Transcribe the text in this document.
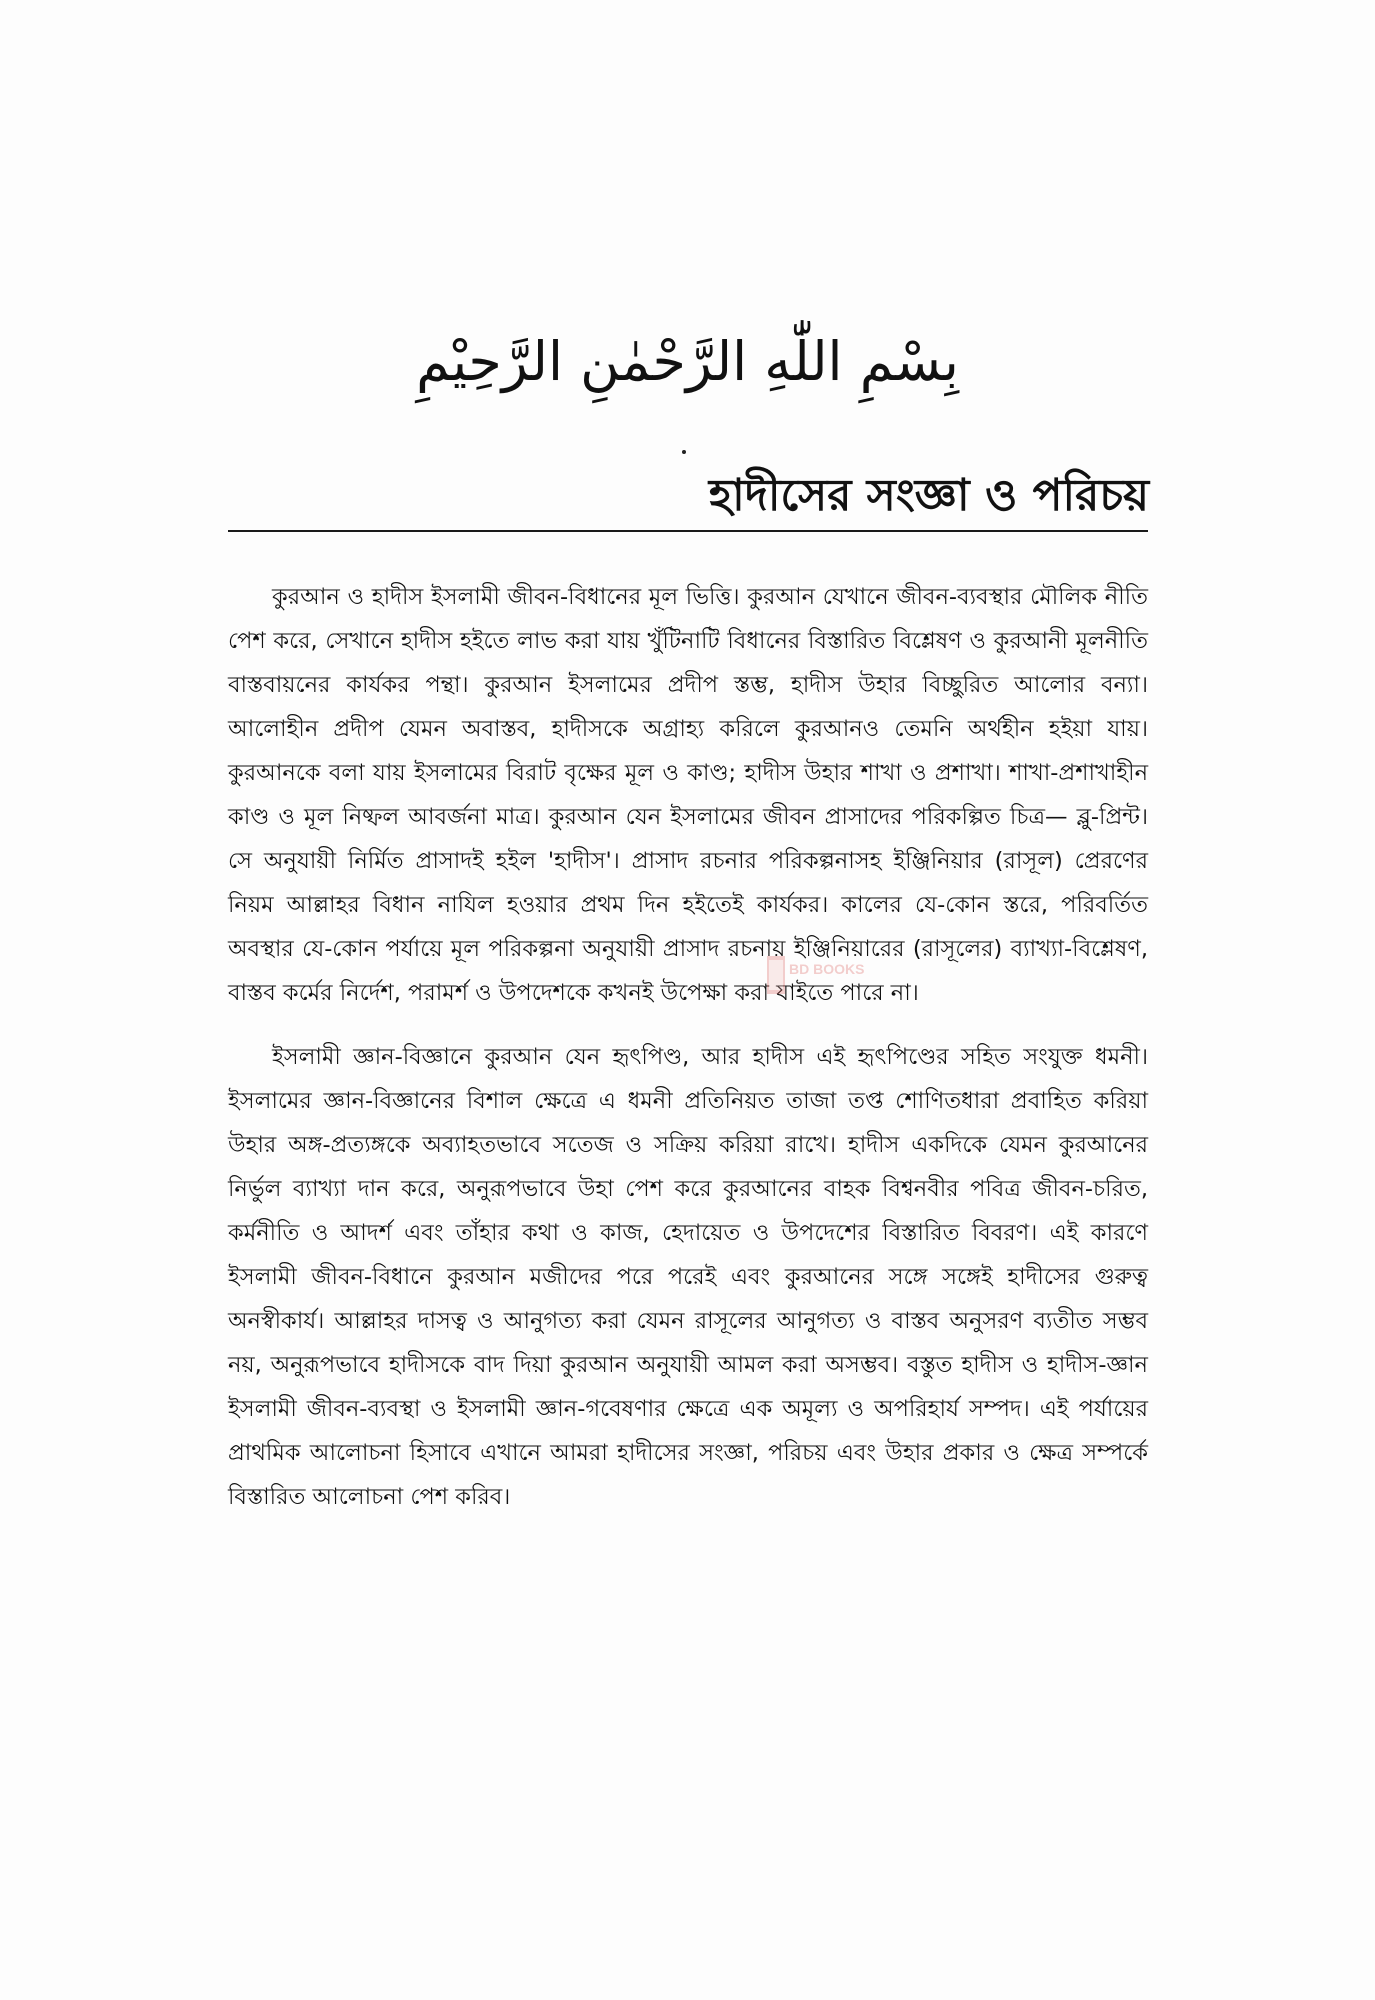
بِسْمِ اللّٰهِ الرَّحْمٰنِ الرَّحِيْمِ
হাদীসের সংজ্ঞা ও পরিচয়

কুরআন ও হাদীস ইসলামী জীবন-বিধানের মূল ভিত্তি। কুরআন যেখানে জীবন-ব্যবস্থার মৌলিক নীতি পেশ করে, সেখানে হাদীস হইতে লাভ করা যায় খুঁটিনাটি বিধানের বিস্তারিত বিশ্লেষণ ও কুরআনী মূলনীতি বাস্তবায়নের কার্যকর পন্থা। কুরআন ইসলামের প্রদীপ স্তম্ভ, হাদীস উহার বিচ্ছুরিত আলোর বন্যা। আলোহীন প্রদীপ যেমন অবাস্তব, হাদীসকে অগ্রাহ্য করিলে কুরআনও তেমনি অর্থহীন হইয়া যায়। কুরআনকে বলা যায় ইসলামের বিরাট বৃক্ষের মূল ও কাণ্ড; হাদীস উহার শাখা ও প্রশাখা। শাখা-প্রশাখাহীন কাণ্ড ও মূল নিষ্ফল আবর্জনা মাত্র। কুরআন যেন ইসলামের জীবন প্রাসাদের পরিকল্পিত চিত্র— ব্লু-প্রিন্ট। সে অনুযায়ী নির্মিত প্রাসাদই হইল 'হাদীস'। প্রাসাদ রচনার পরিকল্পনাসহ ইঞ্জিনিয়ার (রাসূল) প্রেরণের নিয়ম আল্লাহর বিধান নাযিল হওয়ার প্রথম দিন হইতেই কার্যকর। কালের যে-কোন স্তরে, পরিবর্তিত অবস্থার যে-কোন পর্যায়ে মূল পরিকল্পনা অনুযায়ী প্রাসাদ রচনায় ইঞ্জিনিয়ারের (রাসূলের) ব্যাখ্যা-বিশ্লেষণ, বাস্তব কর্মের নির্দেশ, পরামর্শ ও উপদেশকে কখনই উপেক্ষা করা যাইতে পারে না।

ইসলামী জ্ঞান-বিজ্ঞানে কুরআন যেন হৃৎপিণ্ড, আর হাদীস এই হৃৎপিণ্ডের সহিত সংযুক্ত ধমনী। ইসলামের জ্ঞান-বিজ্ঞানের বিশাল ক্ষেত্রে এ ধমনী প্রতিনিয়ত তাজা তপ্ত শোণিতধারা প্রবাহিত করিয়া উহার অঙ্গ-প্রত্যঙ্গকে অব্যাহতভাবে সতেজ ও সক্রিয় করিয়া রাখে। হাদীস একদিকে যেমন কুরআনের নির্ভুল ব্যাখ্যা দান করে, অনুরূপভাবে উহা পেশ করে কুরআনের বাহক বিশ্বনবীর পবিত্র জীবন-চরিত, কর্মনীতি ও আদর্শ এবং তাঁহার কথা ও কাজ, হেদায়েত ও উপদেশের বিস্তারিত বিবরণ। এই কারণে ইসলামী জীবন-বিধানে কুরআন মজীদের পরে পরেই এবং কুরআনের সঙ্গে সঙ্গেই হাদীসের গুরুত্ব অনস্বীকার্য। আল্লাহর দাসত্ব ও আনুগত্য করা যেমন রাসূলের আনুগত্য ও বাস্তব অনুসরণ ব্যতীত সম্ভব নয়, অনুরূপভাবে হাদীসকে বাদ দিয়া কুরআন অনুযায়ী আমল করা অসম্ভব। বস্তুত হাদীস ও হাদীস-জ্ঞান ইসলামী জীবন-ব্যবস্থা ও ইসলামী জ্ঞান-গবেষণার ক্ষেত্রে এক অমূল্য ও অপরিহার্য সম্পদ। এই পর্যায়ের প্রাথমিক আলোচনা হিসাবে এখানে আমরা হাদীসের সংজ্ঞা, পরিচয় এবং উহার প্রকার ও ক্ষেত্র সম্পর্কে বিস্তারিত আলোচনা পেশ করিব।

BD BOOKS
